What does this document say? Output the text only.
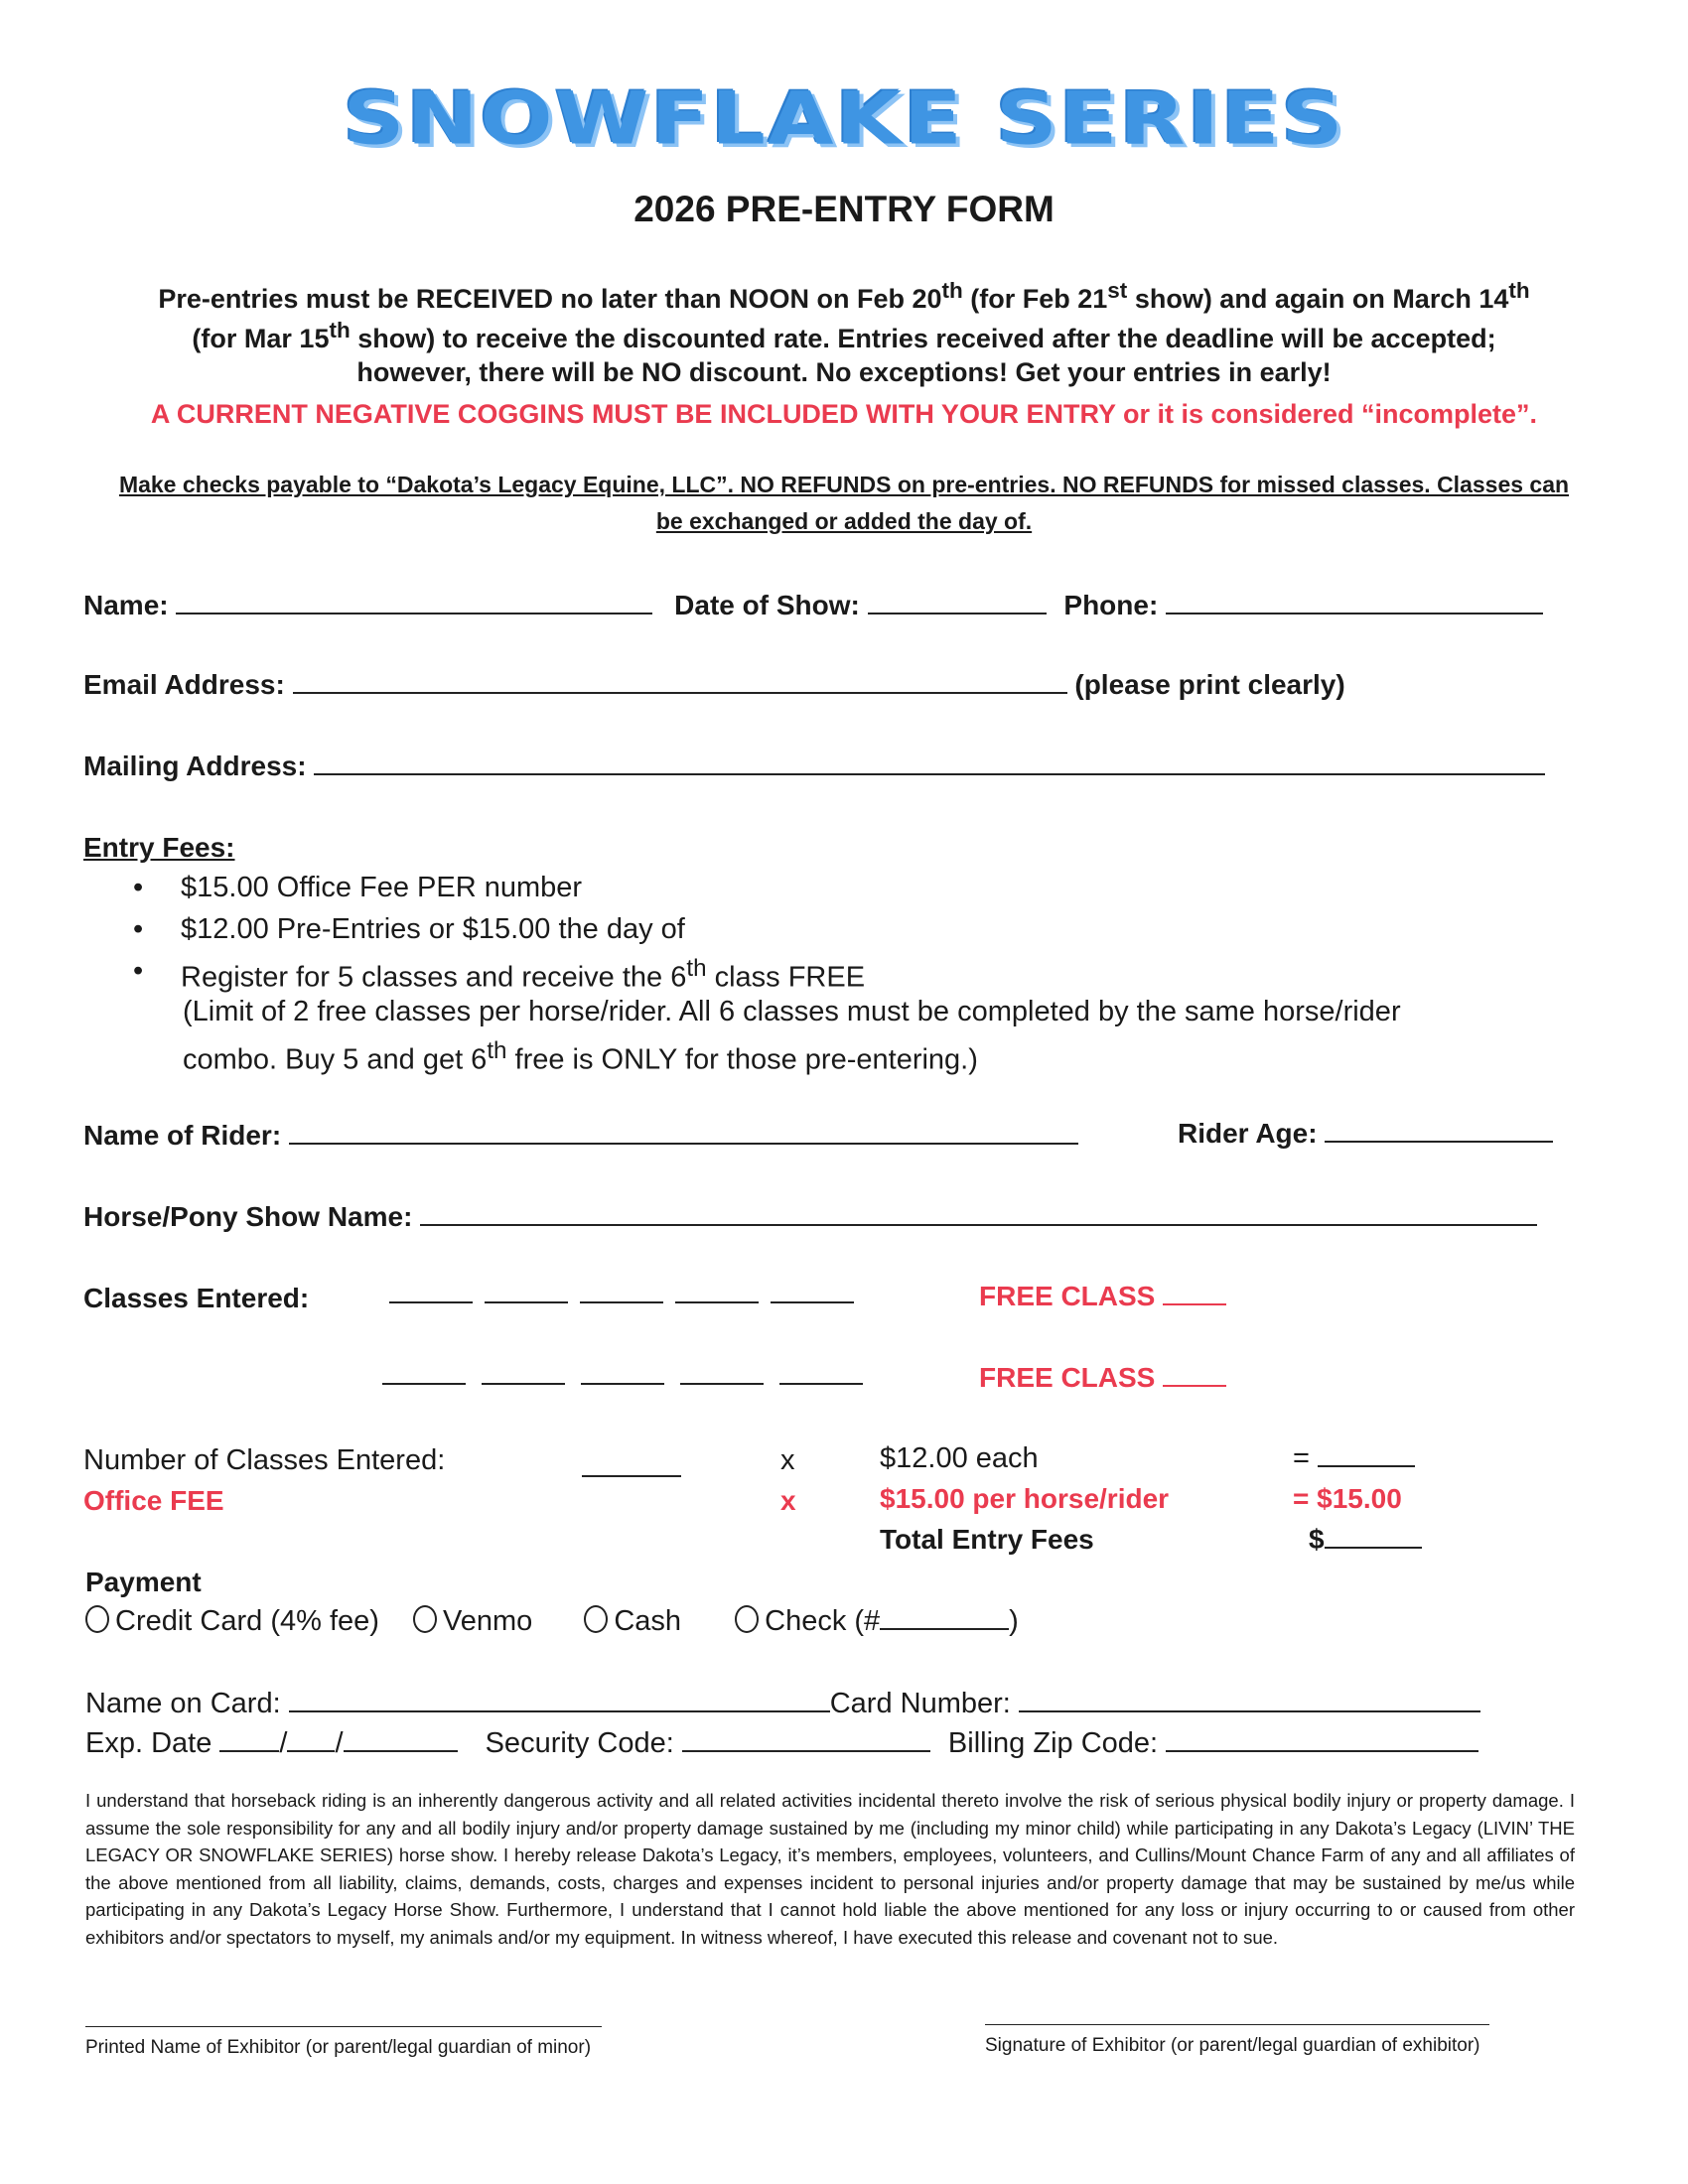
SNOWFLAKE SERIES
2026 PRE-ENTRY FORM
Pre-entries must be RECEIVED no later than NOON on Feb 20th (for Feb 21st show) and again on March 14th
(for Mar 15th show) to receive the discounted rate. Entries received after the deadline will be accepted;
however, there will be NO discount. No exceptions! Get your entries in early!
A CURRENT NEGATIVE COGGINS MUST BE INCLUDED WITH YOUR ENTRY or it is considered “incomplete”.
Make checks payable to “Dakota’s Legacy Equine, LLC”. NO REFUNDS on pre-entries. NO REFUNDS for missed classes. Classes can
be exchanged or added the day of.
Name:	Date of Show:	Phone:
Email Address:	(please print clearly)
Mailing Address:
Entry Fees:
• $15.00 Office Fee PER number
• $12.00 Pre-Entries or $15.00 the day of
• Register for 5 classes and receive the 6th class FREE
(Limit of 2 free classes per horse/rider. All 6 classes must be completed by the same horse/rider
combo. Buy 5 and get 6th free is ONLY for those pre-entering.)
Name of Rider:	Rider Age:
Horse/Pony Show Name:
Classes Entered:	FREE CLASS
FREE CLASS
Number of Classes Entered:	x	$12.00 each	=
Office FEE	x	$15.00 per horse/rider	= $15.00
Total Entry Fees	$
Payment
Credit Card (4% fee) Venmo	Cash	Check (#	)
Name on Card:	Card Number:
Exp. Date / /	Security Code:	Billing Zip Code:
I understand that horseback riding is an inherently dangerous activity and all related activities incidental thereto involve the risk of serious physical bodily injury or property damage. I assume the sole responsibility for any and all bodily injury and/or property damage sustained by me (including my minor child) while participating in any Dakota’s Legacy (LIVIN’ THE LEGACY OR SNOWFLAKE SERIES) horse show. I hereby release Dakota’s Legacy, it’s members, employees, volunteers, and Cullins/Mount Chance Farm of any and all affiliates of the above mentioned from all liability, claims, demands, costs, charges and expenses incident to personal injuries and/or property damage that may be sustained by me/us while participating in any Dakota’s Legacy Horse Show. Furthermore, I understand that I cannot hold liable the above mentioned for any loss or injury occurring to or caused from other exhibitors and/or spectators to myself, my animals and/or my equipment. In witness whereof, I have executed this release and covenant not to sue.
Printed Name of Exhibitor (or parent/legal guardian of minor)	Signature of Exhibitor (or parent/legal guardian of exhibitor)
